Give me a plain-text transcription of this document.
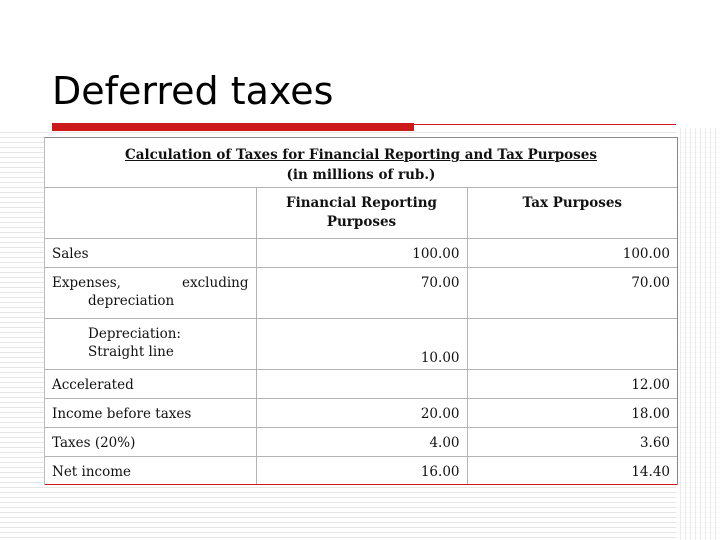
Deferred taxes
Calculation of Taxes for Financial Reporting and Tax Purposes
(in millions of rub.)		

	Financial Reporting
Purposes	Tax Purposes
Sales	100.00	100.00

Expenses, excluding
depreciation	70.00	70.00

Depreciation:
Straight line	10.00	
Accelerated		12.00
Income before taxes	20.00	18.00
Taxes (20%)	4.00	3.60
Net income	16.00	14.40
